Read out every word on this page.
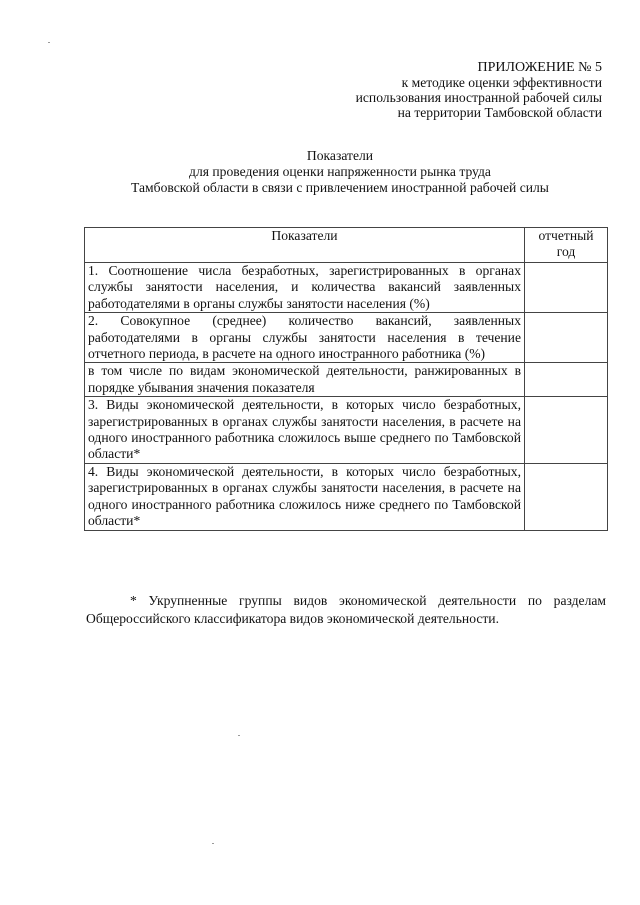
ПРИЛОЖЕНИЕ № 5
к методике оценки эффективности
использования иностранной рабочей силы
на территории Тамбовской области
Показатели
для проведения оценки напряженности рынка труда
Тамбовской области в связи с привлечением иностранной рабочей силы
Показатели	отчетный год
1. Соотношение числа безработных, зарегистрированных в органах службы занятости населения, и количества вакансий заявленных работодателями в органы службы занятости населения (%)	
2. Совокупное (среднее) количество вакансий, заявленных работодателями в органы службы занятости населения в течение отчетного периода, в расчете на одного иностранного работника (%)	
в том числе по видам экономической деятельности, ранжированных в порядке убывания значения показателя	
3. Виды экономической деятельности, в которых число безработных, зарегистрированных в органах службы занятости населения, в расчете на одного иностранного работника сложилось выше среднего по Тамбовской области*	
4. Виды экономической деятельности, в которых число безработных, зарегистрированных в органах службы занятости населения, в расчете на одного иностранного работника сложилось ниже среднего по Тамбовской области*	
* Укрупненные группы видов экономической деятельности по разделам Общероссийского классификатора видов экономической деятельности.
